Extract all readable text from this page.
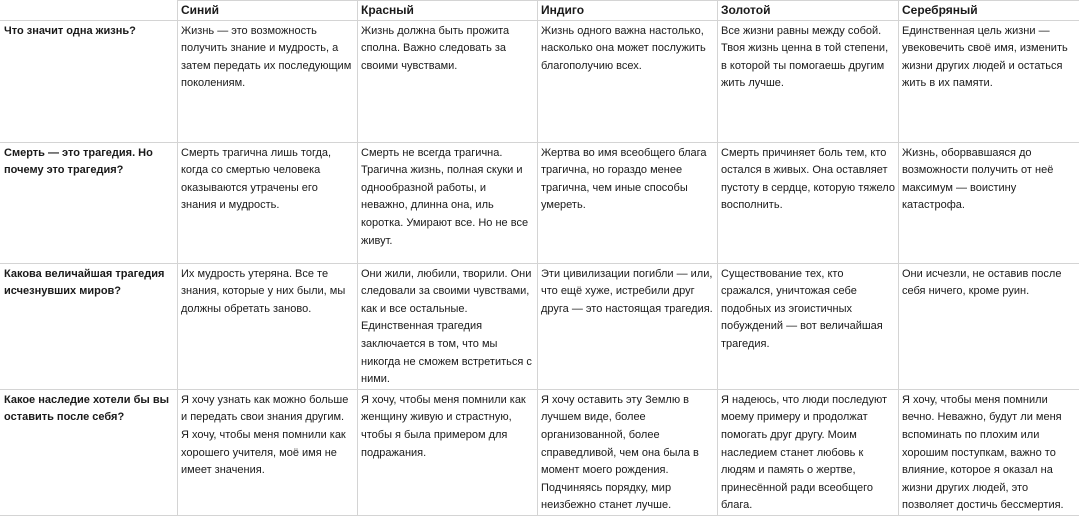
	Синий	Красный	Индиго	Золотой	Серебряный

Что значит одна жизнь?	Жизнь — это возможность получить знание и мудрость, а затем передать их последующим поколениям.	Жизнь должна быть прожита сполна. Важно следовать за своими чувствами.	Жизнь одного важна настолько, насколько она может послужить благополучию всех.	Все жизни равны между собой. Твоя жизнь ценна в той степени, в которой ты помогаешь другим жить лучше.	Единственная цель жизни — увековечить своё имя, изменить жизни других людей и остаться жить в их памяти.

Смерть — это трагедия. Но почему это трагедия?	Смерть трагична лишь тогда, когда со смертью человека оказываются утрачены его знания и мудрость.	Смерть не всегда трагична. Трагична жизнь, полная скуки и однообразной работы, и неважно, длинна она, иль коротка. Умирают все. Но не все живут.	Жертва во имя всеобщего блага трагична, но гораздо менее трагична, чем иные способы умереть.	Смерть причиняет боль тем, кто остался в живых. Она оставляет пустоту в сердце, которую тяжело восполнить.	Жизнь, оборвавшаяся до возможности получить от неё максимум — воистину катастрофа.

Какова величайшая трагедия исчезнувших миров?	Их мудрость утеряна. Все те знания, которые у них были, мы должны обретать заново.	Они жили, любили, творили. Они следовали за своими чувствами, как и все остальные. Единственная трагедия заключается в том, что мы никогда не сможем встретиться с ними.	Эти цивилизации погибли — или, что ещё хуже, истребили друг друга — это настоящая трагедия.	Существование тех, кто сражался, уничтожая себе подобных из эгоистичных побуждений — вот величайшая трагедия.	Они исчезли, не оставив после себя ничего, кроме руин.

Какое наследие хотели бы вы оставить после себя?	Я хочу узнать как можно больше и передать свои знания другим. Я хочу, чтобы меня помнили как хорошего учителя, моё имя не имеет значения.	Я хочу, чтобы меня помнили как женщину живую и страстную, чтобы я была примером для подражания.	Я хочу оставить эту Землю в лучшем виде, более организованной, более справедливой, чем она была в момент моего рождения. Подчиняясь порядку, мир неизбежно станет лучше.	Я надеюсь, что люди последуют моему примеру и продолжат помогать друг другу. Моим наследием станет любовь к людям и память о жертве, принесённой ради всеобщего блага.	Я хочу, чтобы меня помнили вечно. Неважно, будут ли меня вспоминать по плохим или хорошим поступкам, важно то влияние, которое я оказал на жизни других людей, это позволяет достичь бессмертия.
